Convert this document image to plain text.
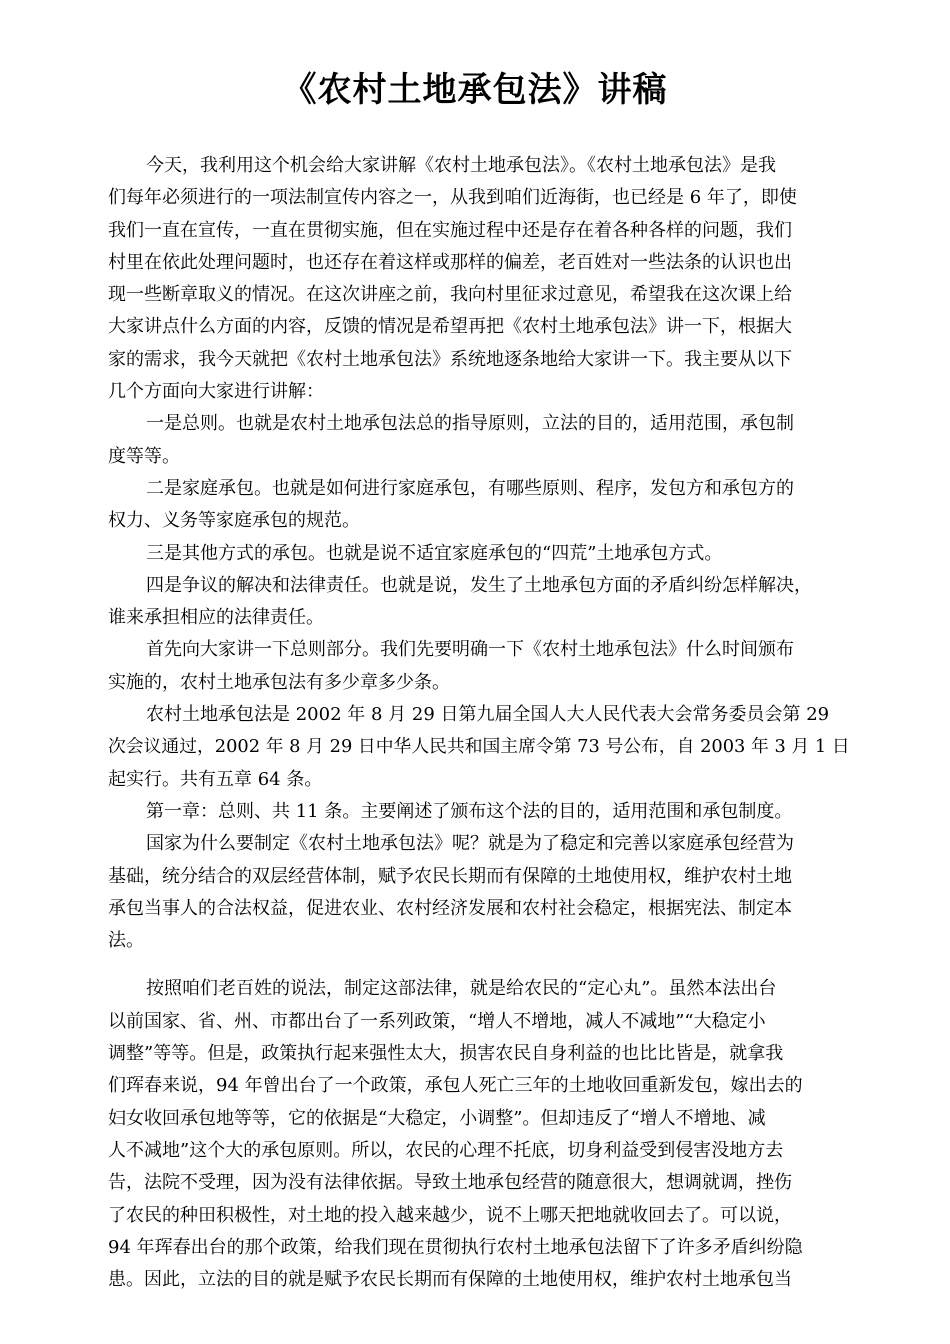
《农村土地承包法》讲稿
今天，我利用这个机会给大家讲解《农村土地承包法》。《农村土地承包法》是我
们每年必须进行的一项法制宣传内容之一，从我到咱们近海街，也已经是 6 年了，即使
我们一直在宣传，一直在贯彻实施，但在实施过程中还是存在着各种各样的问题，我们
村里在依此处理问题时，也还存在着这样或那样的偏差，老百姓对一些法条的认识也出
现一些断章取义的情况。在这次讲座之前，我向村里征求过意见，希望我在这次课上给
大家讲点什么方面的内容，反馈的情况是希望再把《农村土地承包法》讲一下，根据大
家的需求，我今天就把《农村土地承包法》系统地逐条地给大家讲一下。我主要从以下
几个方面向大家进行讲解：
一是总则。也就是农村土地承包法总的指导原则，立法的目的，适用范围，承包制
度等等。
二是家庭承包。也就是如何进行家庭承包，有哪些原则、程序，发包方和承包方的
权力、义务等家庭承包的规范。
三是其他方式的承包。也就是说不适宜家庭承包的“四荒”土地承包方式。
四是争议的解决和法律责任。也就是说，发生了土地承包方面的矛盾纠纷怎样解决，
谁来承担相应的法律责任。
首先向大家讲一下总则部分。我们先要明确一下《农村土地承包法》什么时间颁布
实施的，农村土地承包法有多少章多少条。
农村土地承包法是 2002 年 8 月 29 日第九届全国人大人民代表大会常务委员会第 29
次会议通过，2002 年 8 月 29 日中华人民共和国主席令第 73 号公布，自 2003 年 3 月 1 日
起实行。共有五章 64 条。
第一章：总则、共 11 条。主要阐述了颁布这个法的目的，适用范围和承包制度。
国家为什么要制定《农村土地承包法》呢？就是为了稳定和完善以家庭承包经营为
基础，统分结合的双层经营体制，赋予农民长期而有保障的土地使用权，维护农村土地
承包当事人的合法权益，促进农业、农村经济发展和农村社会稳定，根据宪法、制定本
法。
按照咱们老百姓的说法，制定这部法律，就是给农民的“定心丸”。虽然本法出台
以前国家、省、州、市都出台了一系列政策，“增人不增地，减人不减地”“大稳定小
调整”等等。但是，政策执行起来强性太大，损害农民自身利益的也比比皆是，就拿我
们珲春来说，94 年曾出台了一个政策，承包人死亡三年的土地收回重新发包，嫁出去的
妇女收回承包地等等，它的依据是“大稳定，小调整”。但却违反了“增人不增地、减
人不减地”这个大的承包原则。所以，农民的心理不托底，切身利益受到侵害没地方去
告，法院不受理，因为没有法律依据。导致土地承包经营的随意很大，想调就调，挫伤
了农民的种田积极性，对土地的投入越来越少，说不上哪天把地就收回去了。可以说，
94 年珲春出台的那个政策，给我们现在贯彻执行农村土地承包法留下了许多矛盾纠纷隐
患。因此，立法的目的就是赋予农民长期而有保障的土地使用权，维护农村土地承包当
